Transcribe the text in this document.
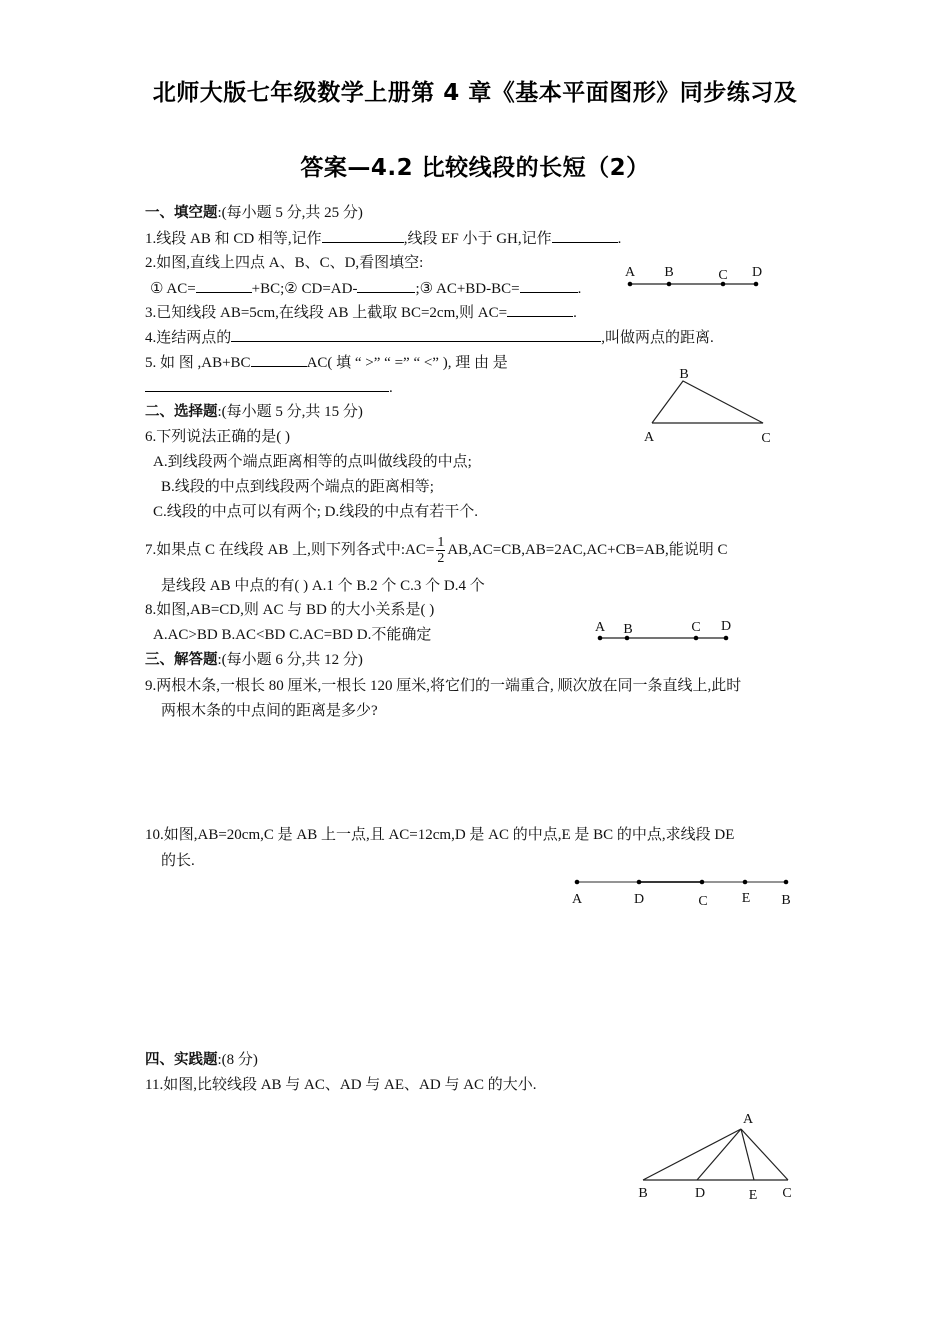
北师大版七年级数学上册第 4 章《基本平面图形》同步练习及
答案—4.2 比较线段的长短（2）
一、填空题:(每小题 5 分,共 25 分)
1.线段 AB 和 CD 相等,记作	,线段 EF 小于 GH,记作	.
2.如图,直线上四点 A、B、C、D,看图填空:
① AC=	+BC;② CD=AD-	;③ AC+BD-BC=	.
A B	C D
3.已知线段 AB=5cm,在线段 AB 上截取 BC=2cm,则 AC=	.
4.连结两点的	,叫做两点的距离.
5. 如 图 ,AB+BC	AC( 填 “ >” “ =” “ <” ), 理 由 是
.
B
A	C
二、选择题:(每小题 5 分,共 15 分)
6.下列说法正确的是( )
A.到线段两个端点距离相等的点叫做线段的中点;
B.线段的中点到线段两个端点的距离相等;
C.线段的中点可以有两个; D.线段的中点有若干个.
7.如果点 C 在线段 AB 上,则下列各式中:AC= $\frac{1}{2} AB,AC=CB,AB=2AC,AC+CB=AB$,能说明 C
是线段 AB 中点的有( ) A.1 个 B.2 个 C.3 个 D.4 个
8.如图,AB=CD,则 AC 与 BD 的大小关系是( )
A.AC>BD B.AC<BD C.AC=BD D.不能确定	A B	C D
三、解答题:(每小题 6 分,共 12 分)
9.两根木条,一根长 80 厘米,一根长 120 厘米,将它们的一端重合, 顺次放在同一条直线上,此时
两根木条的中点间的距离是多少?
10.如图,AB=20cm,C 是 AB 上一点,且 AC=12cm,D 是 AC 的中点,E 是 BC 的中点,求线段 DE
的长.
A	D	C E B
四、实践题:(8 分)
11.如图,比较线段 AB 与 AC、AD 与 AE、AD 与 AC 的大小.
A
B	D	E C
